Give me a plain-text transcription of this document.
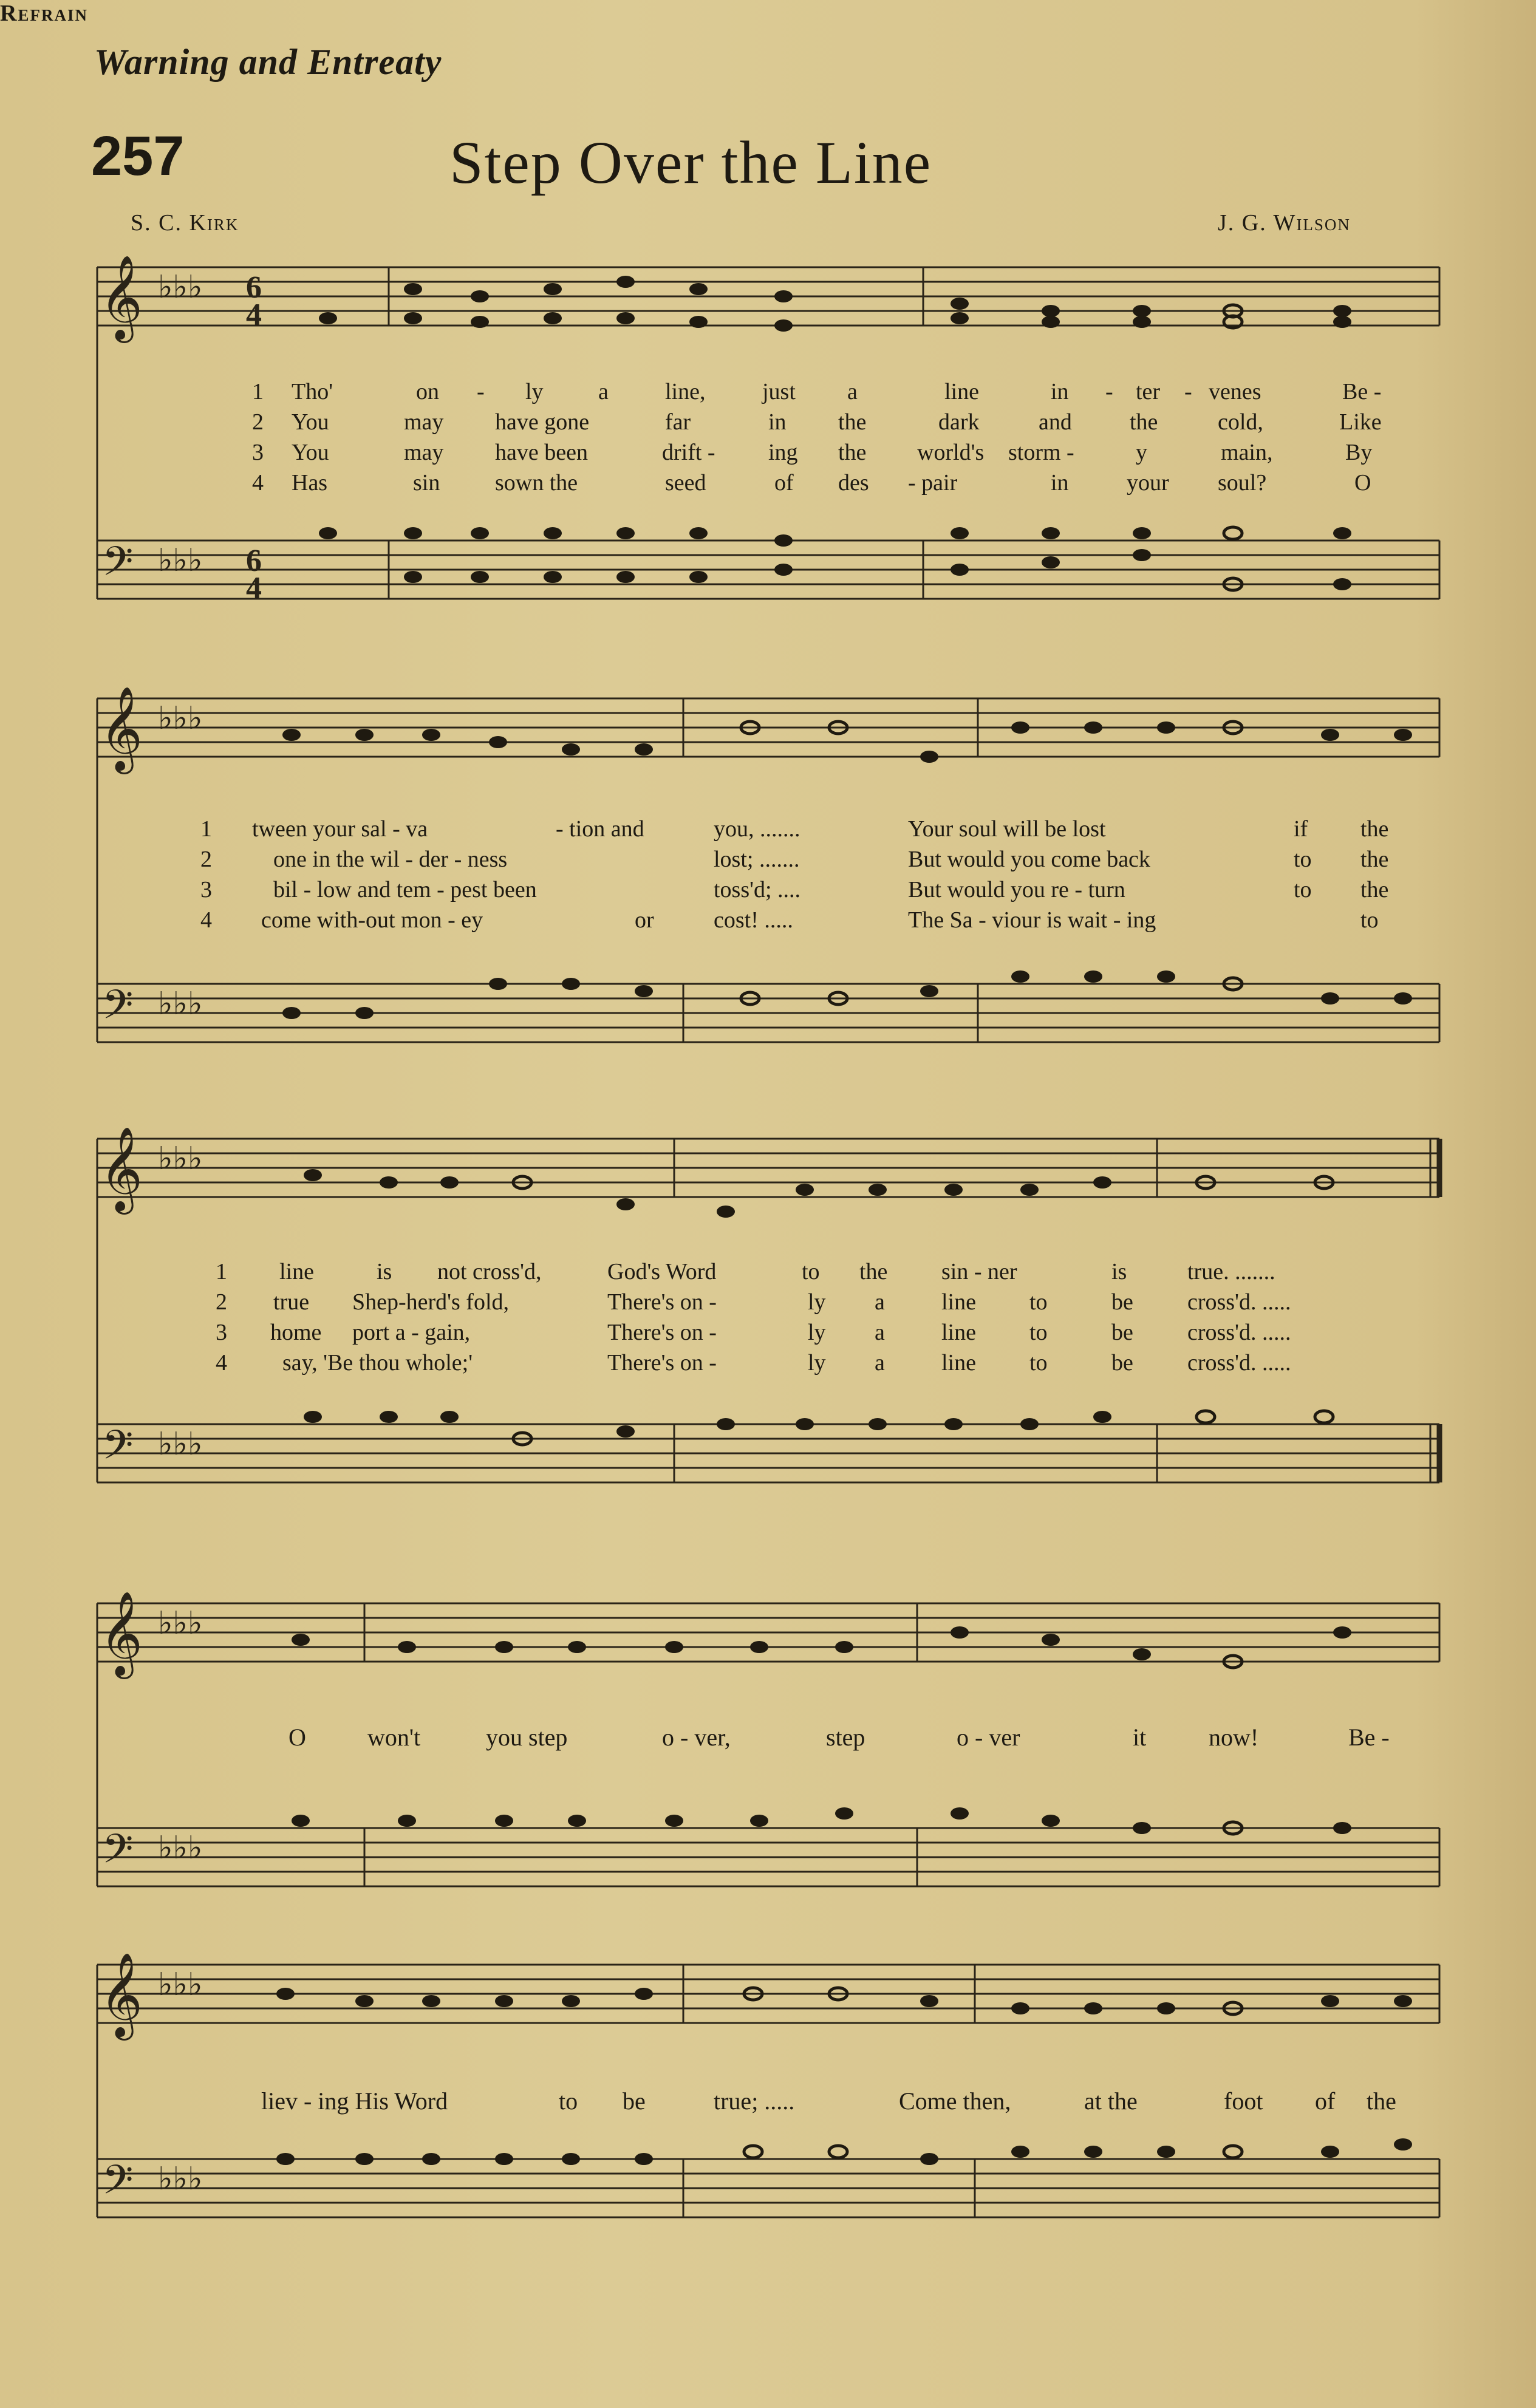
Warning and Entreaty
257	Step Over the Line
S. C. Kirk	J. G. Wilson
𝄞
𝄢
♭♭♭
♭♭♭
6
4
6
4
1 Tho'	on - ly a line, just a	line	in - ter - venes	Be -
2 You	may have gone	far	in the	dark	and	the	cold,	Like
3 You	may have been	drift - ing the world's storm -	y	main,	By
4 Has	sin sown the	seed	of des - pair	in	your soul?	O
𝄞
𝄢
♭♭♭
♭♭♭
1 tween your sal - va	- tion and	you, .......	Your soul will be lost	if the
2	one in the wil - der - ness	lost; .......	But would you come back	to the
3	bil - low and tem - pest been	toss'd; ....	But would you re - turn	to the
4 come with-out mon - ey	or	cost! .....	The Sa - viour is wait - ing	to
𝄞
𝄢
♭♭♭
♭♭♭
1 line	is not cross'd,	God's Word	to the sin - ner	is	true. .......
2 true Shep-herd's fold,	There's on -	ly a line to	be cross'd. .....
3 home port a - gain,	There's on -	ly a line to	be cross'd. .....
4 say, 'Be thou whole;'	There's on -	ly a line to	be cross'd. .....
Refrain
𝄞
𝄢
♭♭♭
♭♭♭
O	won't	you step	o - ver,	step	o - ver	it	now!	Be -
𝄞
𝄢
♭♭♭
♭♭♭
liev - ing His Word	to be	true; .....	Come then,	at the	foot of the
